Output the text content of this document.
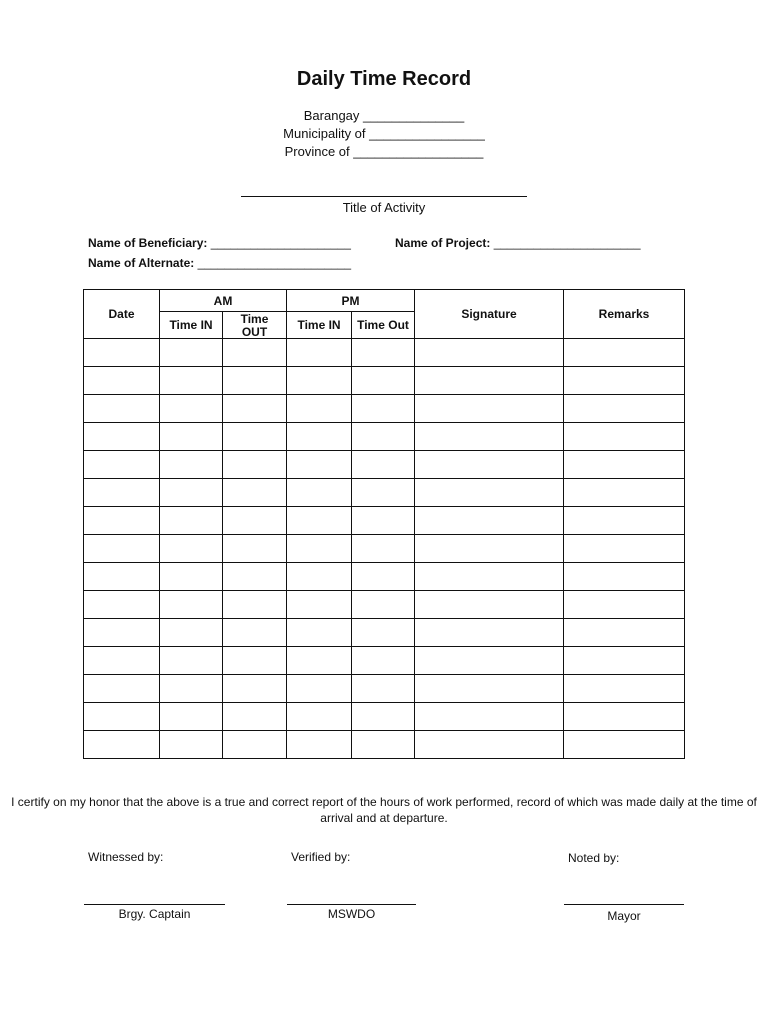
Daily Time Record
Barangay ______________
Municipality of ________________
Province of __________________
Title of Activity
Name of Beneficiary: _____________________	Name of Project: ______________________
Name of Alternate: _______________________
Date	AM		PM		Signature	Remarks
	Time IN	Time OUT	Time IN	Time Out		

I certify on my honor that the above is a true and correct report of the hours of work performed, record of which was made daily at the time of arrival and at departure.
Witnessed by:	Verified by:	Noted by:
Brgy. Captain	MSWDO	Mayor
